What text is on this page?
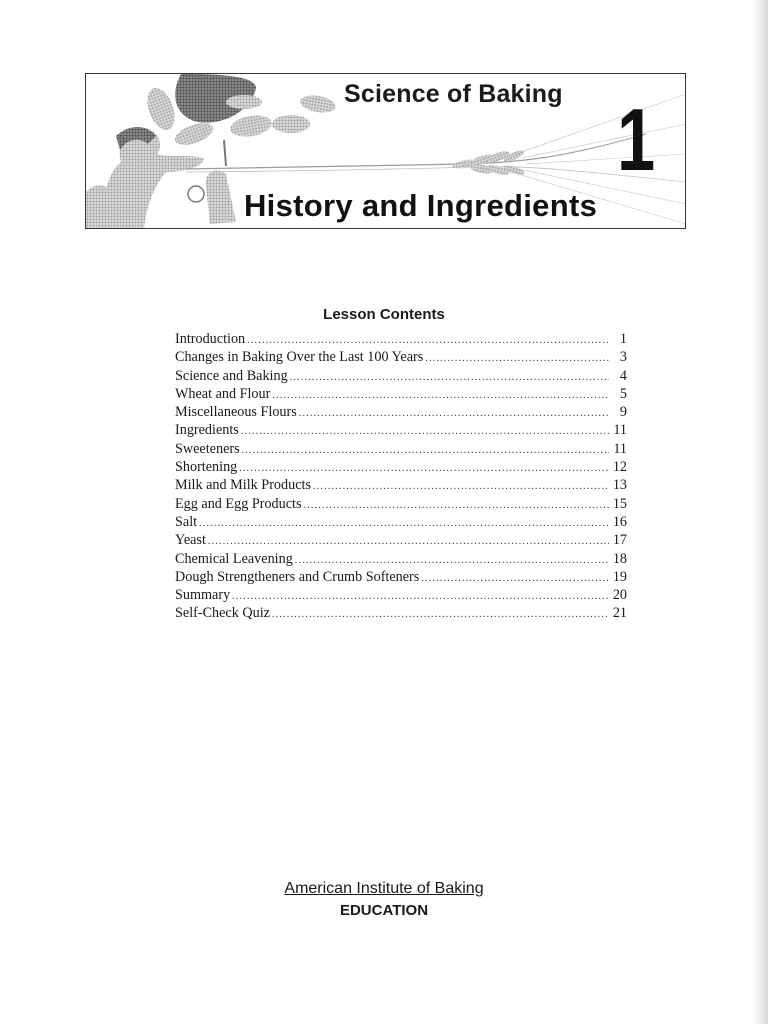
Science of Baking 1
History and Ingredients
Lesson Contents
Introduction .....	1
Changes in Baking Over the Last 100 Years .....	3
Science and Baking .....	4
Wheat and Flour .....	5
Miscellaneous Flours .....	9
Ingredients .....	11
Sweeteners .....	11
Shortening .....	12
Milk and Milk Products .....	13
Egg and Egg Products .....	15
Salt .....	16
Yeast .....	17
Chemical Leavening .....	18
Dough Strengtheners and Crumb Softeners .....	19
Summary .....	20
Self-Check Quiz .....	21
American Institute of Baking
EDUCATION
